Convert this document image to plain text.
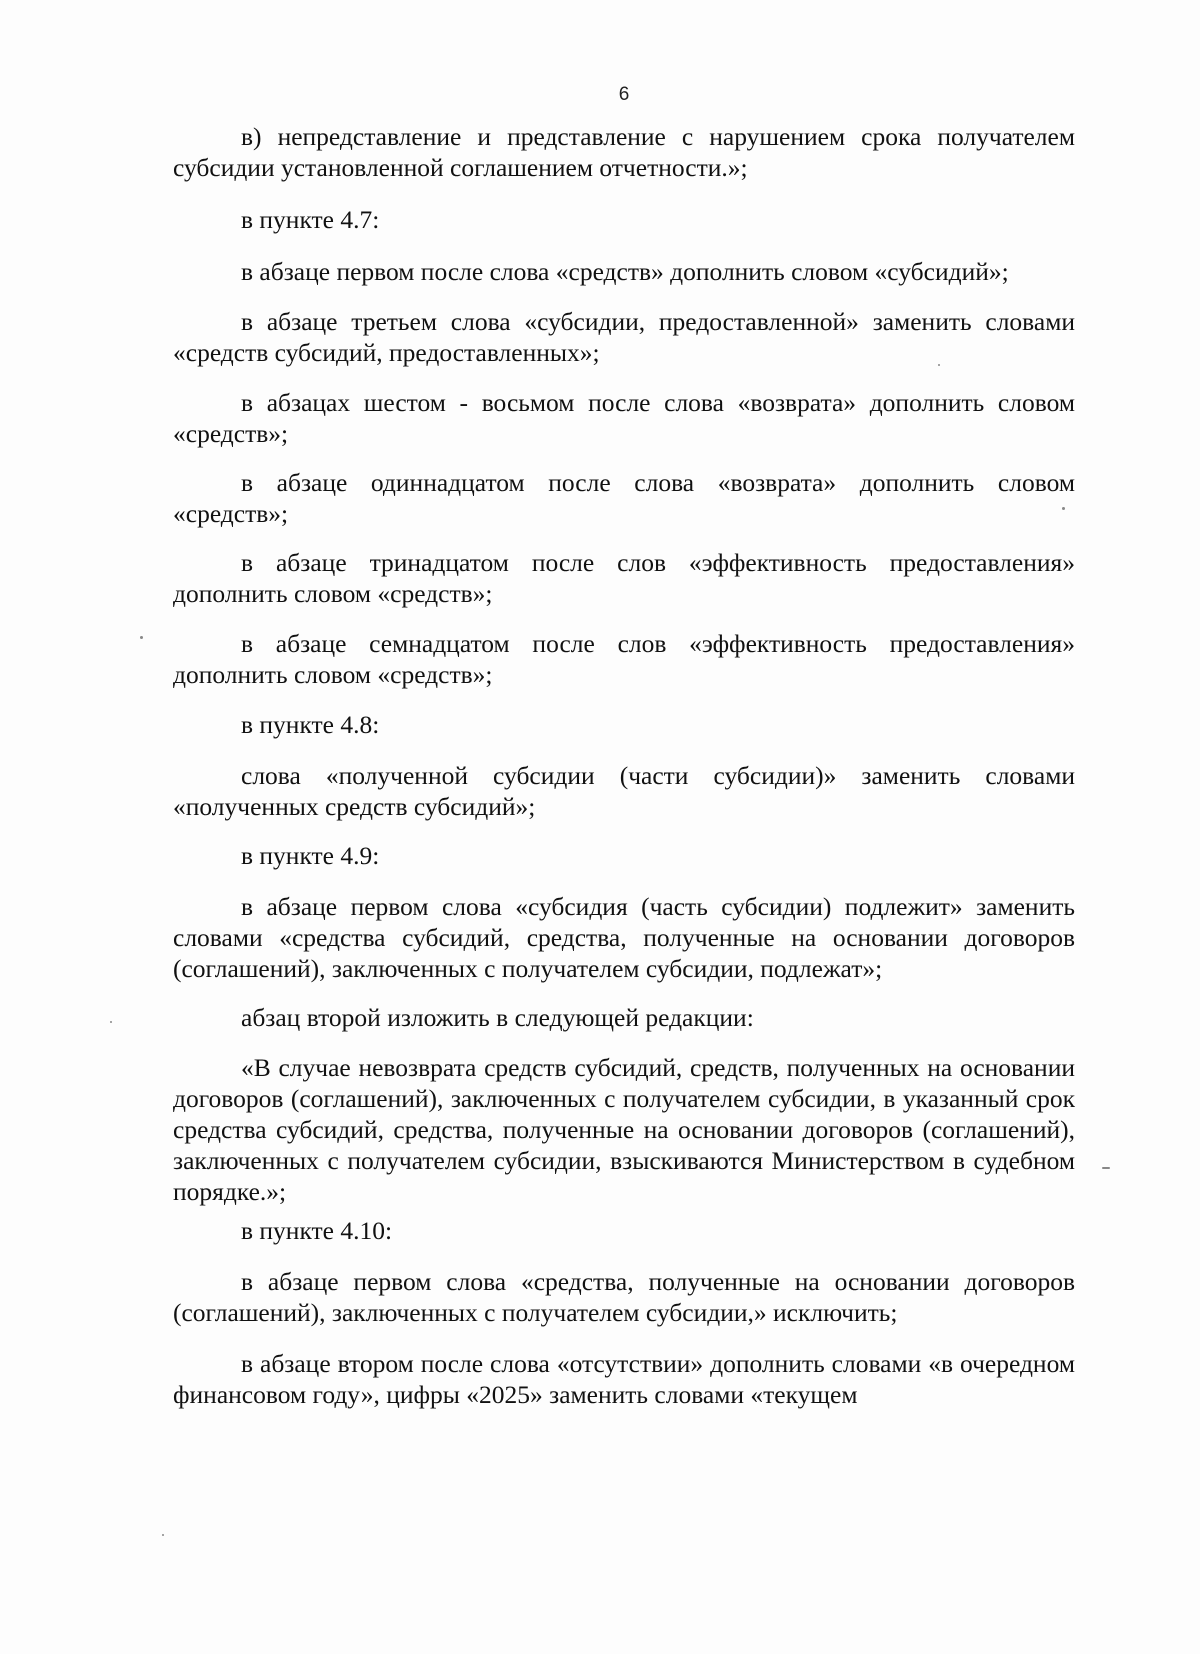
6

в) непредставление и представление с нарушением срока получателем субсидии установленной соглашением отчетности.»;

в пункте 4.7:

в абзаце первом после слова «средств» дополнить словом «субсидий»;

в абзаце третьем слова «субсидии, предоставленной» заменить словами «средств субсидий, предоставленных»;

в абзацах шестом - восьмом после слова «возврата» дополнить словом «средств»;

в абзаце одиннадцатом после слова «возврата» дополнить словом «средств»;

в абзаце тринадцатом после слов «эффективность предоставления» дополнить словом «средств»;

в абзаце семнадцатом после слов «эффективность предоставления» дополнить словом «средств»;

в пункте 4.8:

слова «полученной субсидии (части субсидии)» заменить словами «полученных средств субсидий»;

в пункте 4.9:

в абзаце первом слова «субсидия (часть субсидии) подлежит» заменить словами «средства субсидий, средства, полученные на основании договоров (соглашений), заключенных с получателем субсидии, подлежат»;

абзац второй изложить в следующей редакции:

«В случае невозврата средств субсидий, средств, полученных на основании договоров (соглашений), заключенных с получателем субсидии, в указанный срок средства субсидий, средства, полученные на основании договоров (соглашений), заключенных с получателем субсидии, взыскиваются Министерством в судебном порядке.»;

в пункте 4.10:

в абзаце первом слова «средства, полученные на основании договоров (соглашений), заключенных с получателем субсидии,» исключить;

в абзаце втором после слова «отсутствии» дополнить словами «в очередном финансовом году», цифры «2025» заменить словами «текущем
